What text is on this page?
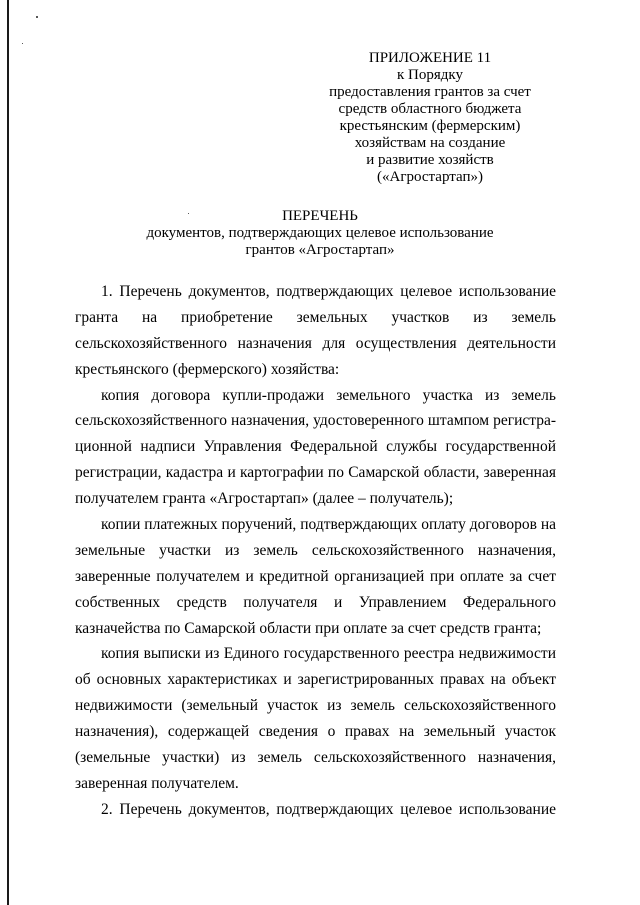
ПРИЛОЖЕНИЕ 11
к Порядку
предоставления грантов за счет
средств областного бюджета
крестьянским (фермерским)
хозяйствам на создание
и развитие хозяйств
(«Агростартап»)
ПЕРЕЧЕНЬ
документов, подтверждающих целевое использование
грантов «Агростартап»
1. Перечень документов, подтверждающих целевое использование
гранта на приобретение земельных участков из земель
сельскохозяйственного назначения для осуществления деятельности
крестьянского (фермерского) хозяйства:
копия договора купли-продажи земельного участка из земель
сельскохозяйственного назначения, удостоверенного штампом регистра-
ционной надписи Управления Федеральной службы государственной
регистрации, кадастра и картографии по Самарской области, заверенная
получателем гранта «Агростартап» (далее – получатель);
копии платежных поручений, подтверждающих оплату договоров на
земельные участки из земель сельскохозяйственного назначения,
заверенные получателем и кредитной организацией при оплате за счет
собственных средств получателя и Управлением Федерального
казначейства по Самарской области при оплате за счет средств гранта;
копия выписки из Единого государственного реестра недвижимости
об основных характеристиках и зарегистрированных правах на объект
недвижимости (земельный участок из земель сельскохозяйственного
назначения), содержащей сведения о правах на земельный участок
(земельные участки) из земель сельскохозяйственного назначения,
заверенная получателем.
2. Перечень документов, подтверждающих целевое использование
